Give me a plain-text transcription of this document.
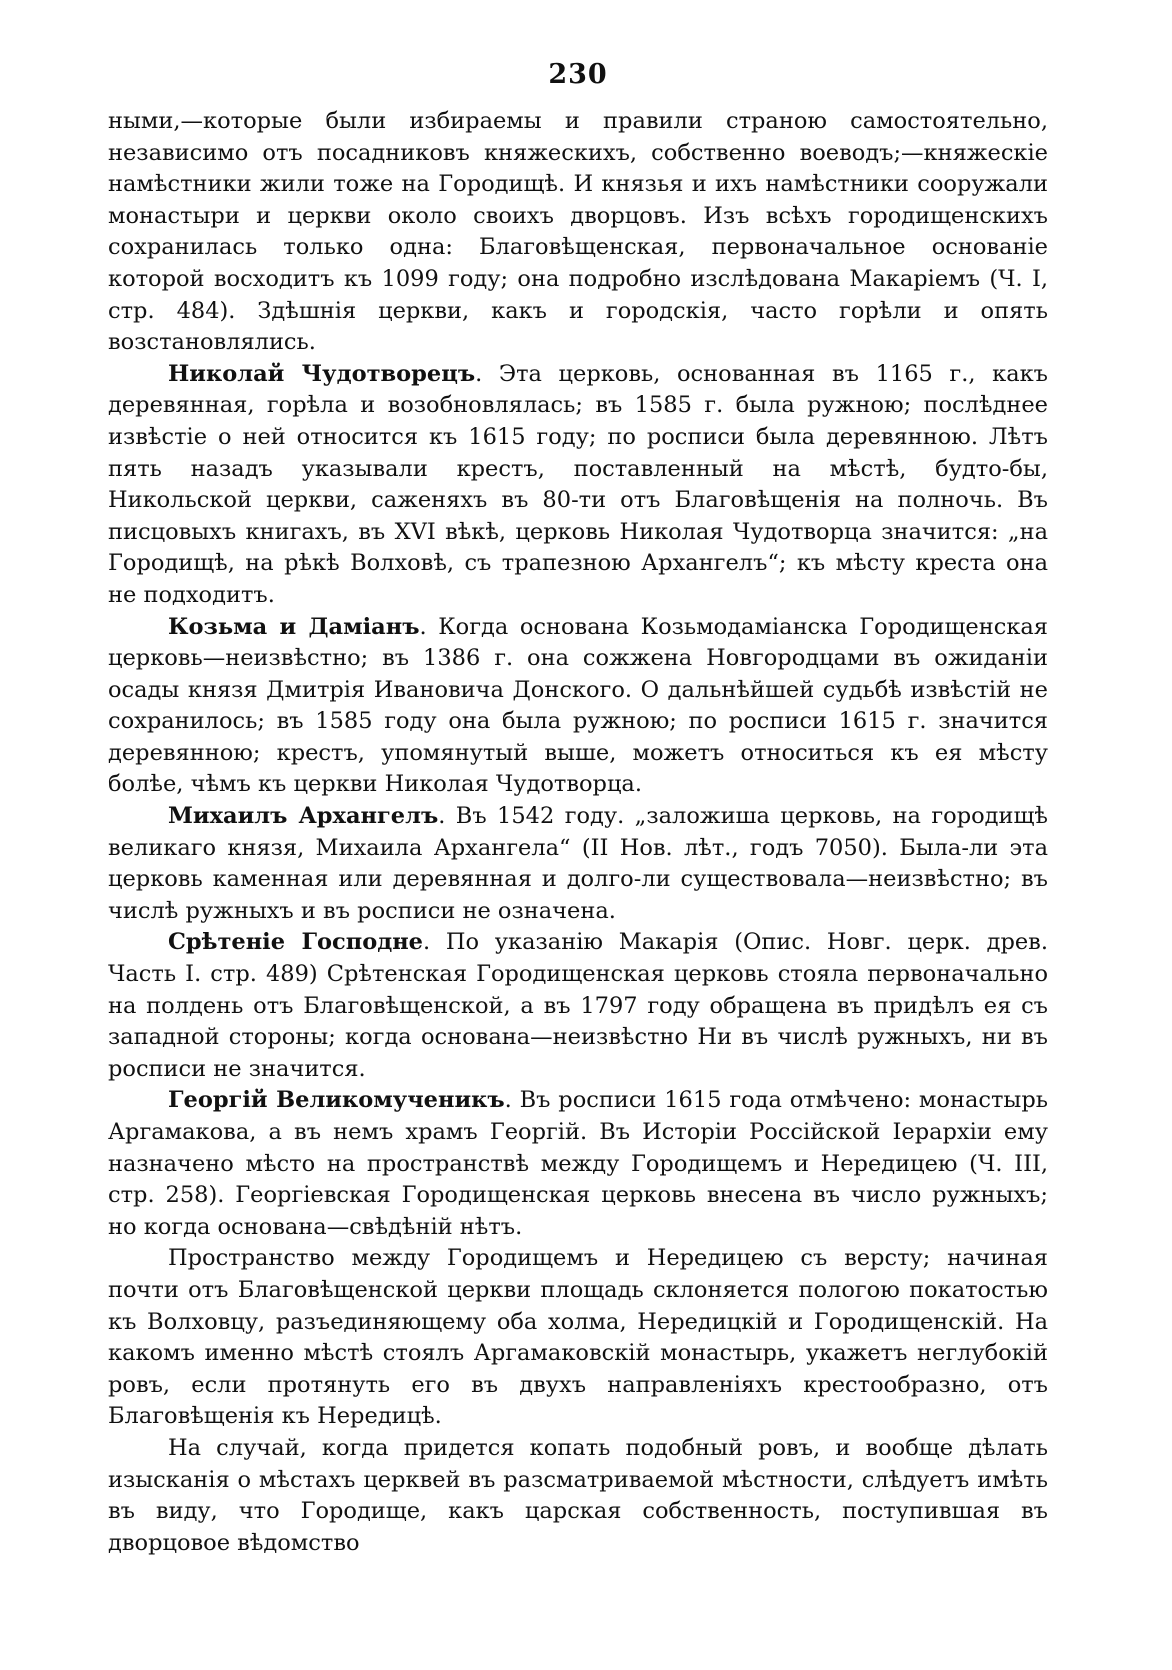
230

ными,—которые были избираемы и правили страною самостоятельно, независимо отъ посадниковъ княжескихъ, собственно воеводъ;—княжескіе намѣстники жили тоже на Городищѣ. И князья и ихъ намѣстники сооружали монастыри и церкви около своихъ дворцовъ. Изъ всѣхъ городищенскихъ сохранилась только одна: Благовѣщенская, первоначальное основаніе которой восходитъ къ 1099 году; она подробно изслѣдована Макаріемъ (Ч. I, стр. 484). Здѣшнія церкви, какъ и городскія, часто горѣли и опять возстановлялись.

Николай Чудотворецъ. Эта церковь, основанная въ 1165 г., какъ деревянная, горѣла и возобновлялась; въ 1585 г. была ружною; послѣднее извѣстіе о ней относится къ 1615 году; по росписи была деревянною. Лѣтъ пять назадъ указывали крестъ, поставленный на мѣстѣ, будто-бы, Никольской церкви, саженяхъ въ 80-ти отъ Благовѣщенія на полночь. Въ писцовыхъ книгахъ, въ XVI вѣкѣ, церковь Николая Чудотворца значится: „на Городищѣ, на рѣкѣ Волховѣ, съ трапезною Архангелъ“; къ мѣсту креста она не подходитъ.

Козьма и Даміанъ. Когда основана Козьмодаміанска Городищенская церковь—неизвѣстно; въ 1386 г. она сожжена Новгородцами въ ожиданіи осады князя Дмитрія Ивановича Донского. О дальнѣйшей судьбѣ извѣстій не сохранилось; въ 1585 году она была ружною; по росписи 1615 г. значится деревянною; крестъ, упомянутый выше, можетъ относиться къ ея мѣсту болѣе, чѣмъ къ церкви Николая Чудотворца.

Михаилъ Архангелъ. Въ 1542 году. „заложиша церковь, на городищѣ великаго князя, Михаила Архангела“ (II Нов. лѣт., годъ 7050). Была-ли эта церковь каменная или деревянная и долго-ли существовала—неизвѣстно; въ числѣ ружныхъ и въ росписи не означена.

Срѣтеніе Господне. По указанію Макарія (Опис. Новг. церк. древ. Часть I. стр. 489) Срѣтенская Городищенская церковь стояла первоначально на полдень отъ Благовѣщенской, а въ 1797 году обращена въ придѣлъ ея съ западной стороны; когда основана—неизвѣстно Ни въ числѣ ружныхъ, ни въ росписи не значится.

Георгій Великомученикъ. Въ росписи 1615 года отмѣчено: монастырь Аргамакова, а въ немъ храмъ Георгій. Въ Исторіи Россійской Іерархіи ему назначено мѣсто на пространствѣ между Городищемъ и Нередицею (Ч. III, стр. 258). Георгіевская Городищенская церковь внесена въ число ружныхъ; но когда основана—свѣдѣній нѣтъ.

Пространство между Городищемъ и Нередицею съ версту; начиная почти отъ Благовѣщенской церкви площадь склоняется пологою покатостью къ Волховцу, разъединяющему оба холма, Нередицкій и Городищенскій. На какомъ именно мѣстѣ стоялъ Аргамаковскій монастырь, укажетъ неглубокій ровъ, если протянуть его въ двухъ направленіяхъ крестообразно, отъ Благовѣщенія къ Нередицѣ.

На случай, когда придется копать подобный ровъ, и вообще дѣлать изысканія о мѣстахъ церквей въ разсматриваемой мѣстности, слѣдуетъ имѣть въ виду, что Городище, какъ царская собственность, поступившая въ дворцовое вѣдомство
